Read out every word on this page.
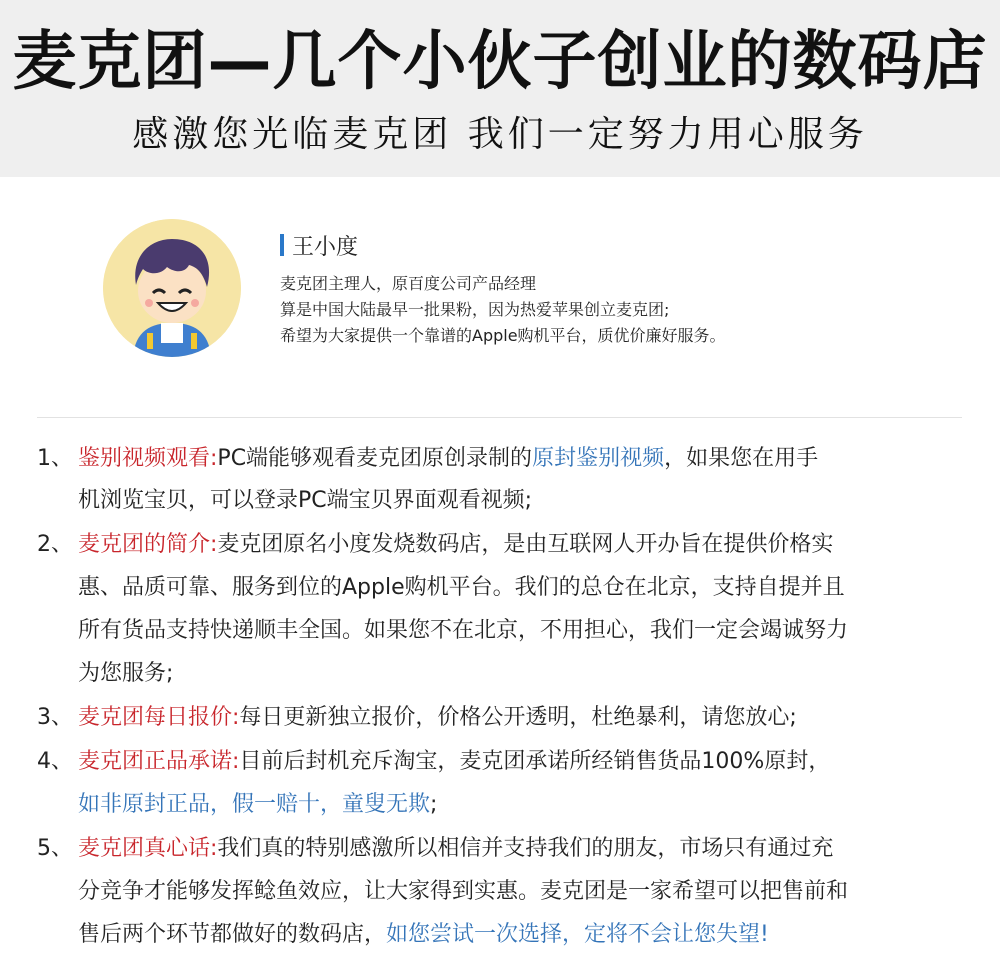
麦克团—几个小伙子创业的数码店
感激您光临麦克团 我们一定努力用心服务
王小度
麦克团主理人，原百度公司产品经理
算是中国大陆最早一批果粉，因为热爱苹果创立麦克团;
希望为大家提供一个靠谱的Apple购机平台，质优价廉好服务。
1、 鉴别视频观看:PC端能够观看麦克团原创录制的原封鉴别视频，如果您在用手
机浏览宝贝，可以登录PC端宝贝界面观看视频;
2、 麦克团的简介:麦克团原名小度发烧数码店，是由互联网人开办旨在提供价格实
惠、品质可靠、服务到位的Apple购机平台。我们的总仓在北京，支持自提并且
所有货品支持快递顺丰全国。如果您不在北京，不用担心，我们一定会竭诚努力
为您服务;
3、 麦克团每日报价:每日更新独立报价，价格公开透明，杜绝暴利，请您放心;
4、 麦克团正品承诺:目前后封机充斥淘宝，麦克团承诺所经销售货品100%原封，
如非原封正品，假一赔十，童叟无欺;
5、 麦克团真心话:我们真的特别感激所以相信并支持我们的朋友，市场只有通过充
分竞争才能够发挥鲶鱼效应，让大家得到实惠。麦克团是一家希望可以把售前和
售后两个环节都做好的数码店，如您尝试一次选择，定将不会让您失望!
